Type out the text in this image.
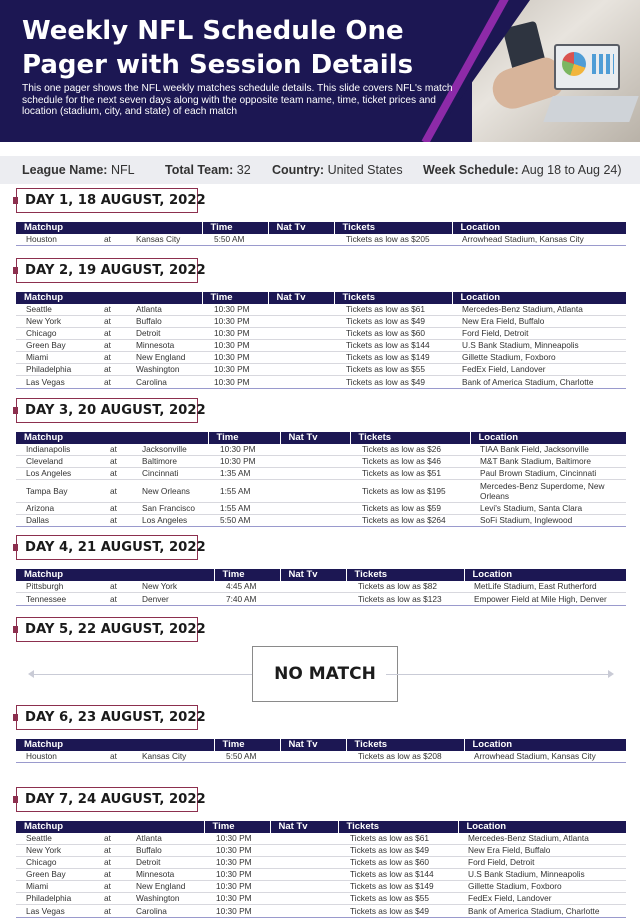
Weekly NFL Schedule One Pager with Session Details

This one pager shows the NFL weekly matches schedule details. This slide covers NFL's match schedule for the next seven days along with the opposite team name, time, ticket prices and location (stadium, city, and state) of each match

League Name: NFL Total Team: 32 Country: United States Week Schedule: Aug 18 to Aug 24)
DAY 1, 18 AUGUST, 2022
Matchup			Time	Nat Tv	Tickets	Location
Houston	at	Kansas City	5:50 AM		Tickets as low as $205	Arrowhead Stadium, Kansas City
DAY 2, 19 AUGUST, 2022
Matchup			Time	Nat Tv	Tickets	Location
Seattle	at	Atlanta	10:30 PM		Tickets as low as $61	Mercedes-Benz Stadium, Atlanta
New York	at	Buffalo	10:30 PM		Tickets as low as $49	New Era Field, Buffalo
Chicago	at	Detroit	10:30 PM		Tickets as low as $60	Ford Field, Detroit
Green Bay	at	Minnesota	10:30 PM		Tickets as low as $144	U.S Bank Stadium, Minneapolis
Miami	at	New England	10:30 PM		Tickets as low as $149	Gillette Stadium, Foxboro
Philadelphia	at	Washington	10:30 PM		Tickets as low as $55	FedEx Field, Landover
Las Vegas	at	Carolina	10:30 PM		Tickets as low as $49	Bank of America Stadium, Charlotte
DAY 3, 20 AUGUST, 2022
Matchup			Time	Nat Tv	Tickets	Location
Indianapolis	at	Jacksonville	10:30 PM		Tickets as low as $26	TIAA Bank Field, Jacksonville
Cleveland	at	Baltimore	10:30 PM		Tickets as low as $46	M&T Bank Stadium, Baltimore
Los Angeles	at	Cincinnati	1:35 AM		Tickets as low as $51	Paul Brown Stadium, Cincinnati
Tampa Bay	at	New Orleans	1:55 AM		Tickets as low as $195	Mercedes-Benz Superdome, New Orleans
Arizona	at	San Francisco	1:55 AM		Tickets as low as $59	Levi's Stadium, Santa Clara
Dallas	at	Los Angeles	5:50 AM		Tickets as low as $264	SoFi Stadium, Inglewood
DAY 4, 21 AUGUST, 2022
Matchup			Time	Nat Tv	Tickets	Location
Pittsburgh	at	New York	4:45 AM		Tickets as low as $82	MetLife Stadium, East Rutherford
Tennessee	at	Denver	7:40 AM		Tickets as low as $123	Empower Field at Mile High, Denver
DAY 5, 22 AUGUST, 2022
NO MATCH
DAY 6, 23 AUGUST, 2022
Matchup			Time	Nat Tv	Tickets	Location
Houston	at	Kansas City	5:50 AM		Tickets as low as $208	Arrowhead Stadium, Kansas City
DAY 7, 24 AUGUST, 2022
Matchup			Time	Nat Tv	Tickets	Location
Seattle	at	Atlanta	10:30 PM		Tickets as low as $61	Mercedes-Benz Stadium, Atlanta
New York	at	Buffalo	10:30 PM		Tickets as low as $49	New Era Field, Buffalo
Chicago	at	Detroit	10:30 PM		Tickets as low as $60	Ford Field, Detroit
Green Bay	at	Minnesota	10:30 PM		Tickets as low as $144	U.S Bank Stadium, Minneapolis
Miami	at	New England	10:30 PM		Tickets as low as $149	Gillette Stadium, Foxboro
Philadelphia	at	Washington	10:30 PM		Tickets as low as $55	FedEx Field, Landover
Las Vegas	at	Carolina	10:30 PM		Tickets as low as $49	Bank of America Stadium, Charlotte
